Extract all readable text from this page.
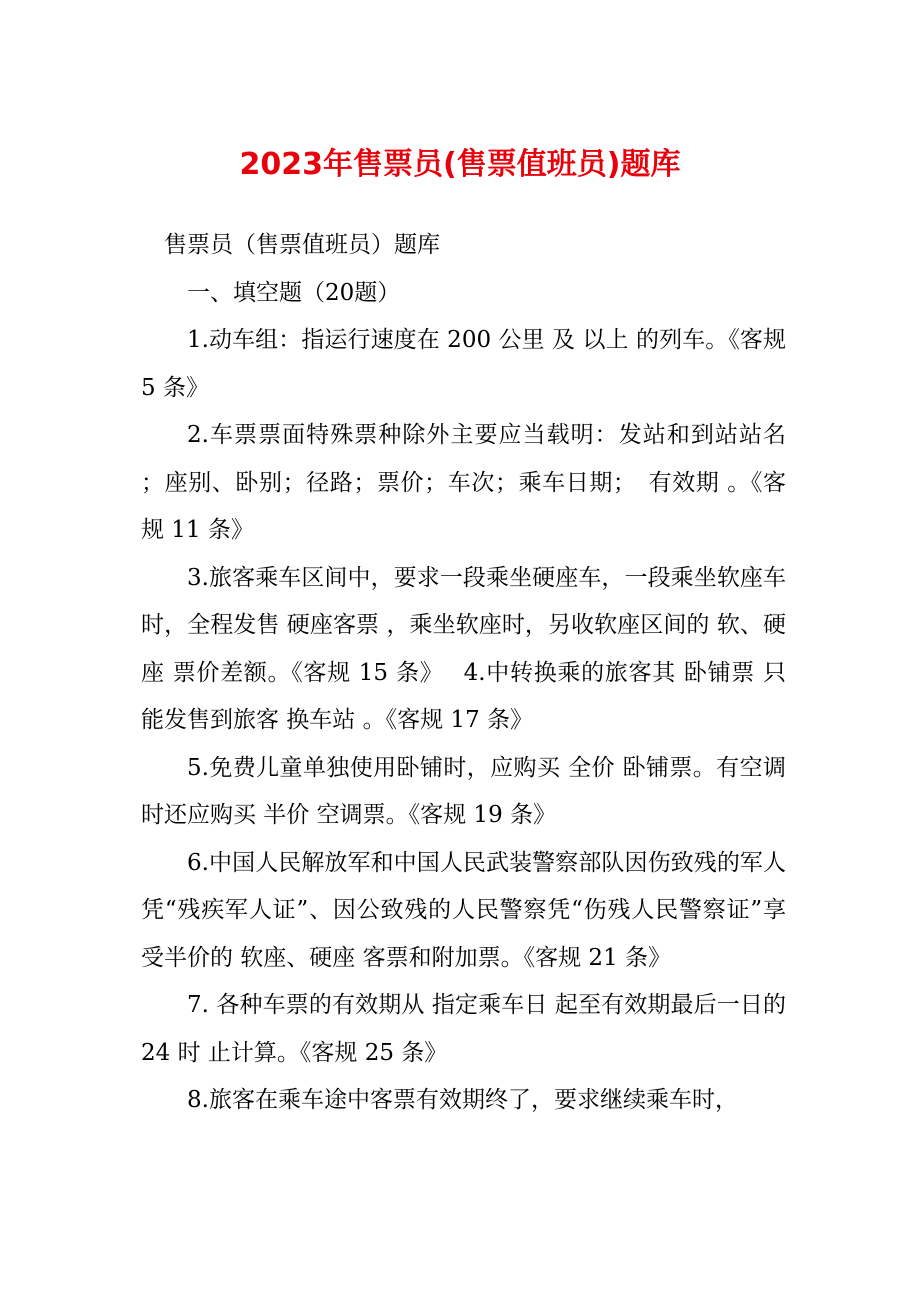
2023年售票员(售票值班员)题库

售票员（售票值班员）题库

一、填空题（20题）

1.动车组：指运行速度在 200 公里 及 以上 的列车。《客规 5 条》

2.车票票面特殊票种除外主要应当载明：发站和到站站名 ；座别、卧别；径路；票价；车次；乘车日期；　有效期 。《客规 11 条》

3.旅客乘车区间中，要求一段乘坐硬座车，一段乘坐软座车时，全程发售 硬座客票 ，乘坐软座时，另收软座区间的 软、硬座 票价差额。《客规 15 条》　 4.中转换乘的旅客其 卧铺票 只能发售到旅客 换车站 。《客规 17 条》

5.免费儿童单独使用卧铺时，应购买 全价 卧铺票。有空调时还应购买 半价 空调票。《客规 19 条》

6.中国人民解放军和中国人民武装警察部队因伤致残的军人凭“残疾军人证”、因公致残的人民警察凭“伤残人民警察证”享受半价的 软座、硬座 客票和附加票。《客规 21 条》

7. 各种车票的有效期从 指定乘车日 起至有效期最后一日的 24 时 止计算。《客规 25 条》

8.旅客在乘车途中客票有效期终了，要求继续乘车时，
